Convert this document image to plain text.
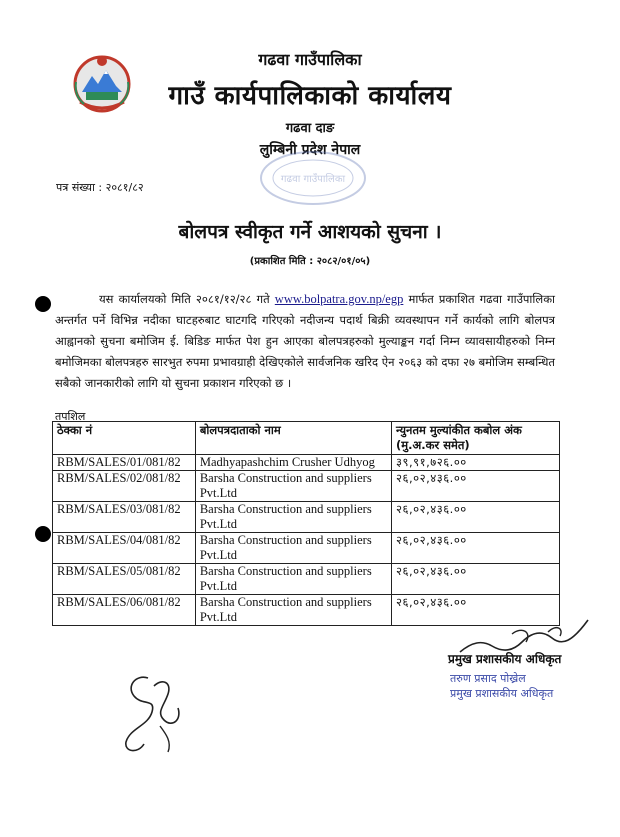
गढवा गाउँपालिका
गाउँ कार्यपालिकाको कार्यालय
गढवा दाङ
लुम्बिनी प्रदेश नेपाल
गढवा गाउँपालिका
पत्र संख्या : २०८१/८२
बोलपत्र स्वीकृत गर्ने आशयको सुचना ।
(प्रकाशित मिति : २०८२/०१/०५)
यस कार्यालयको मिति २०८१/१२/२८ गते www.bolpatra.gov.np/egp मार्फत प्रकाशित गढवा गाउँपालिका अन्तर्गत पर्ने विभिन्न नदीका घाटहरुबाट घाटगदि गरिएको नदीजन्य पदार्थ बिक्री व्यवस्थापन गर्ने कार्यको लागि बोलपत्र आह्वानको सुचना बमोजिम ई. बिडिङ मार्फत पेश हुन आएका बोलपत्रहरुको मुल्याङ्कन गर्दा निम्न व्यावसायीहरुको निम्न बमोजिमका बोलपत्रहरु सारभुत रुपमा प्रभावग्राही देखिएकोले सार्वजनिक खरिद ऐन २०६३ को दफा २७ बमोजिम सम्बन्धित सबैको जानकारीको लागि यो सुचना प्रकाशन गरिएको छ ।
तपशिल
ठेक्का नं	बोलपत्रदाताको नाम	न्युनतम मुल्यांकीत कबोल अंक (मु.अ.कर समेत)
RBM/SALES/01/081/82	Madhyapashchim Crusher Udhyog	३९,९१,७२६.००
RBM/SALES/02/081/82	Barsha Construction and suppliers Pvt.Ltd	२६,०२,४३६.००
RBM/SALES/03/081/82	Barsha Construction and suppliers Pvt.Ltd	२६,०२,४३६.००
RBM/SALES/04/081/82	Barsha Construction and suppliers Pvt.Ltd	२६,०२,४३६.००
RBM/SALES/05/081/82	Barsha Construction and suppliers Pvt.Ltd	२६,०२,४३६.००
RBM/SALES/06/081/82	Barsha Construction and suppliers Pvt.Ltd	२६,०२,४३६.००
प्रमुख प्रशासकीय अधिकृत
तरुण प्रसाद पोख्रेल
प्रमुख प्रशासकीय अधिकृत
